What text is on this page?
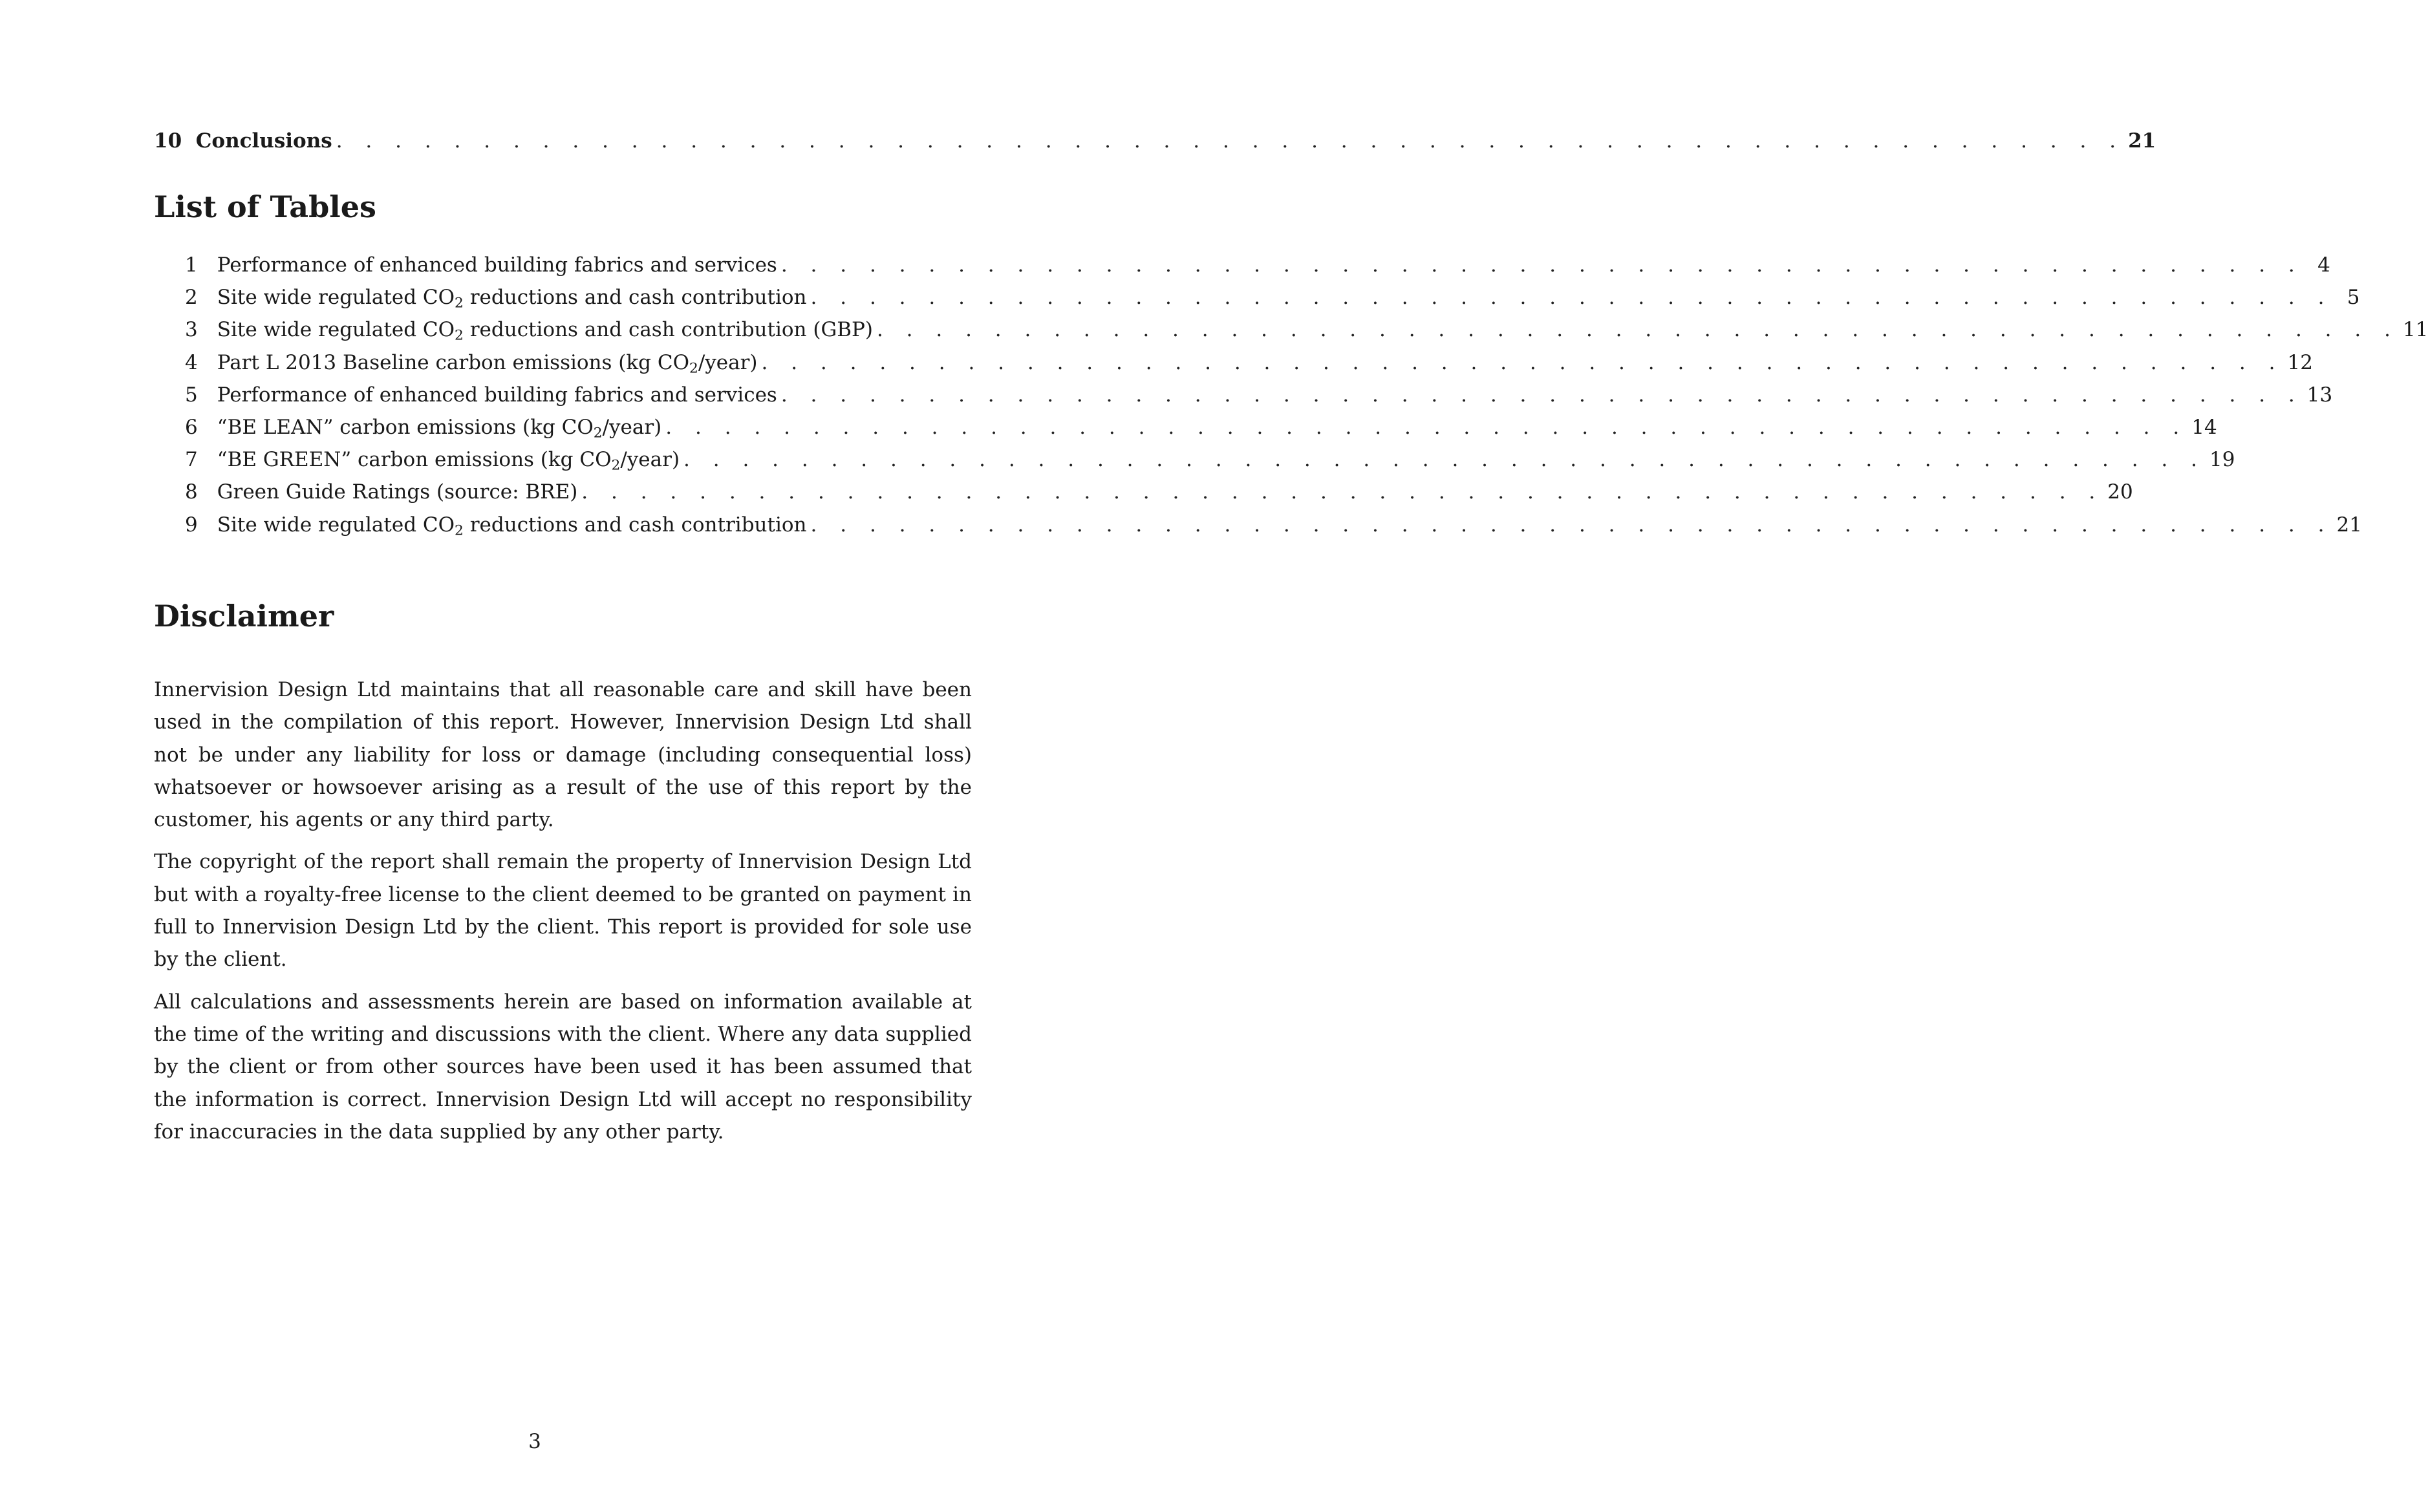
10 Conclusions . . . . . . . . . . . . . . . . . . . . . . . . . . . . . . . . . . . . . . . . . . . . . . . . . . . . . . . . . . . . . 21
List of Tables
1 Performance of enhanced building fabrics and services . . . . . . . . . . . . . . . . . . . . . . . . . . . . . . . . . . . . . . . . . . . . . . . . . . . . 4
2 Site wide regulated $CO_2$ reductions and cash contribution . . . . . . . . . . . . . . . . . . . . . . . . . . . . . . . . . . . . . . . . . . . . . . . . . . . . 5
3 Site wide regulated $CO_2$ reductions and cash contribution (GBP) . . . . . . . . . . . . . . . . . . . . . . . . . . . . . . . . . . . . . . . . . . . . . . . . . . . . 11
4 Part L 2013 Baseline carbon emissions (kg $CO_2/year$) . . . . . . . . . . . . . . . . . . . . . . . . . . . . . . . . . . . . . . . . . . . . . . . . . . . . 12
5 Performance of enhanced building fabrics and services . . . . . . . . . . . . . . . . . . . . . . . . . . . . . . . . . . . . . . . . . . . . . . . . . . . . 13
6 “BE LEAN” carbon emissions (kg $CO_2/year$) . . . . . . . . . . . . . . . . . . . . . . . . . . . . . . . . . . . . . . . . . . . . . . . . . . . . 14
7 “BE GREEN” carbon emissions (kg $CO_2/year$) . . . . . . . . . . . . . . . . . . . . . . . . . . . . . . . . . . . . . . . . . . . . . . . . . . . . 19
8 Green Guide Ratings (source: BRE) . . . . . . . . . . . . . . . . . . . . . . . . . . . . . . . . . . . . . . . . . . . . . . . . . . . . 20
9 Site wide regulated $CO_2$ reductions and cash contribution . . . . . . . . . . . . . . . . . . . . . . . . . . . . . . . . . . . . . . . . . . . . . . . . . . . . 21
Disclaimer

Innervision Design Ltd maintains that all reasonable care and skill have been used in the compilation of this report. However, Innervision Design Ltd shall not be under any liability for loss or damage (including consequential loss) whatsoever or howsoever arising as a result of the use of this report by the customer, his agents or any third party.

The copyright of the report shall remain the property of Innervision Design Ltd but with a royalty-free license to the client deemed to be granted on payment in full to Innervision Design Ltd by the client. This report is provided for sole use by the client.

All calculations and assessments herein are based on information available at the time of the writing and discussions with the client. Where any data supplied by the client or from other sources have been used it has been assumed that the information is correct. Innervision Design Ltd will accept no responsibility for inaccuracies in the data supplied by any other party.

3
